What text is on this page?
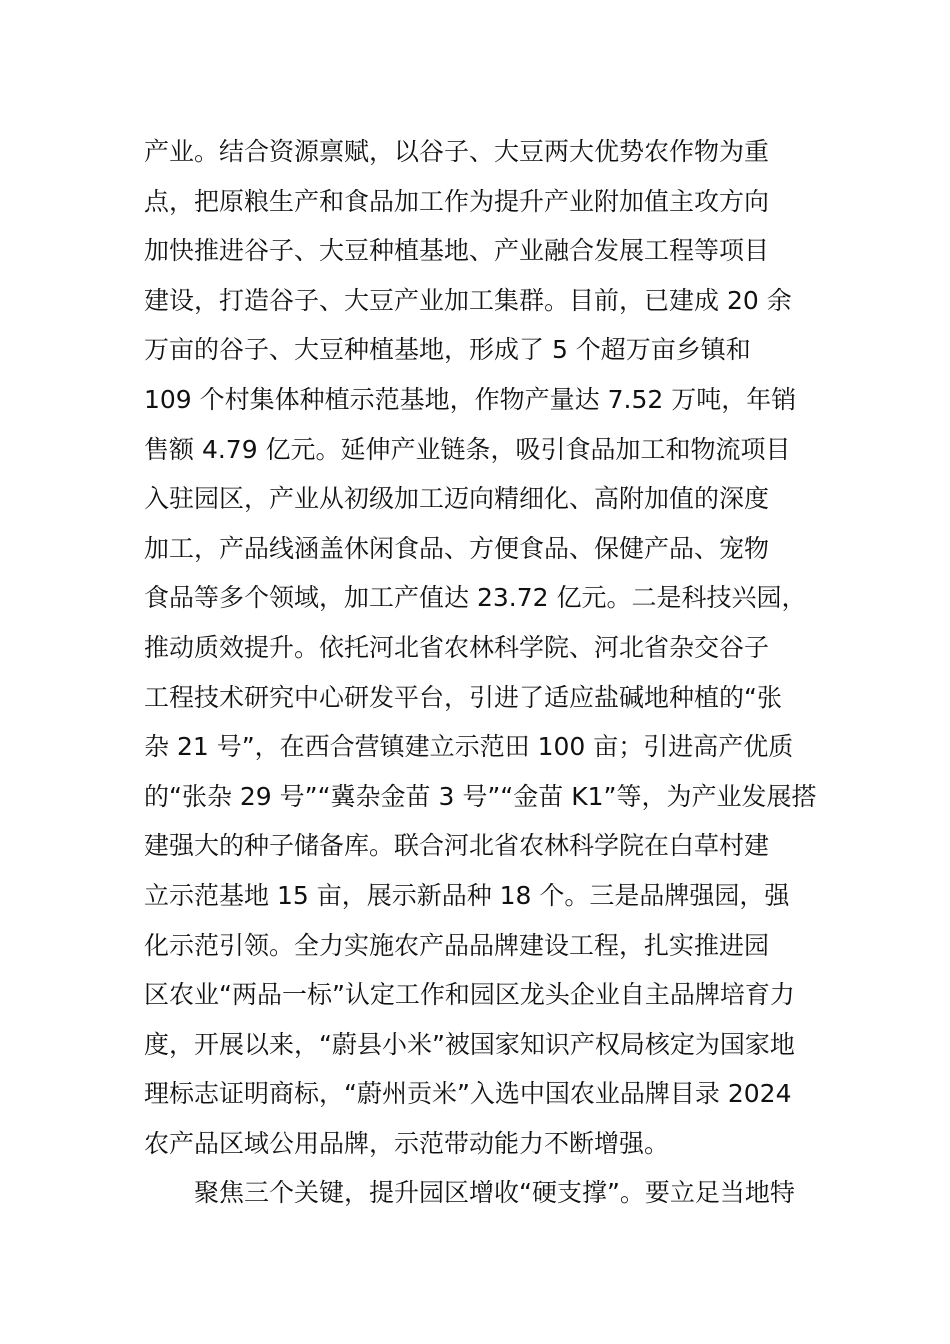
产业。结合资源禀赋，以谷子、大豆两大优势农作物为重
点，把原粮生产和食品加工作为提升产业附加值主攻方向
加快推进谷子、大豆种植基地、产业融合发展工程等项目
建设，打造谷子、大豆产业加工集群。目前，已建成 20 余
万亩的谷子、大豆种植基地，形成了 5 个超万亩乡镇和
109 个村集体种植示范基地，作物产量达 7.52 万吨，年销
售额 4.79 亿元。延伸产业链条，吸引食品加工和物流项目
入驻园区，产业从初级加工迈向精细化、高附加值的深度
加工，产品线涵盖休闲食品、方便食品、保健产品、宠物
食品等多个领域，加工产值达 23.72 亿元。二是科技兴园，
推动质效提升。依托河北省农林科学院、河北省杂交谷子
工程技术研究中心研发平台，引进了适应盐碱地种植的“张
杂 21 号”，在西合营镇建立示范田 100 亩；引进高产优质
的“张杂 29 号”“冀杂金苗 3 号”“金苗 K1”等，为产业发展搭
建强大的种子储备库。联合河北省农林科学院在白草村建
立示范基地 15 亩，展示新品种 18 个。三是品牌强园，强
化示范引领。全力实施农产品品牌建设工程，扎实推进园
区农业“两品一标”认定工作和园区龙头企业自主品牌培育力
度，开展以来，“蔚县小米”被国家知识产权局核定为国家地
理标志证明商标，“蔚州贡米”入选中国农业品牌目录 2024
农产品区域公用品牌，示范带动能力不断增强。
聚焦三个关键，提升园区增收“硬支撑”。要立足当地特
